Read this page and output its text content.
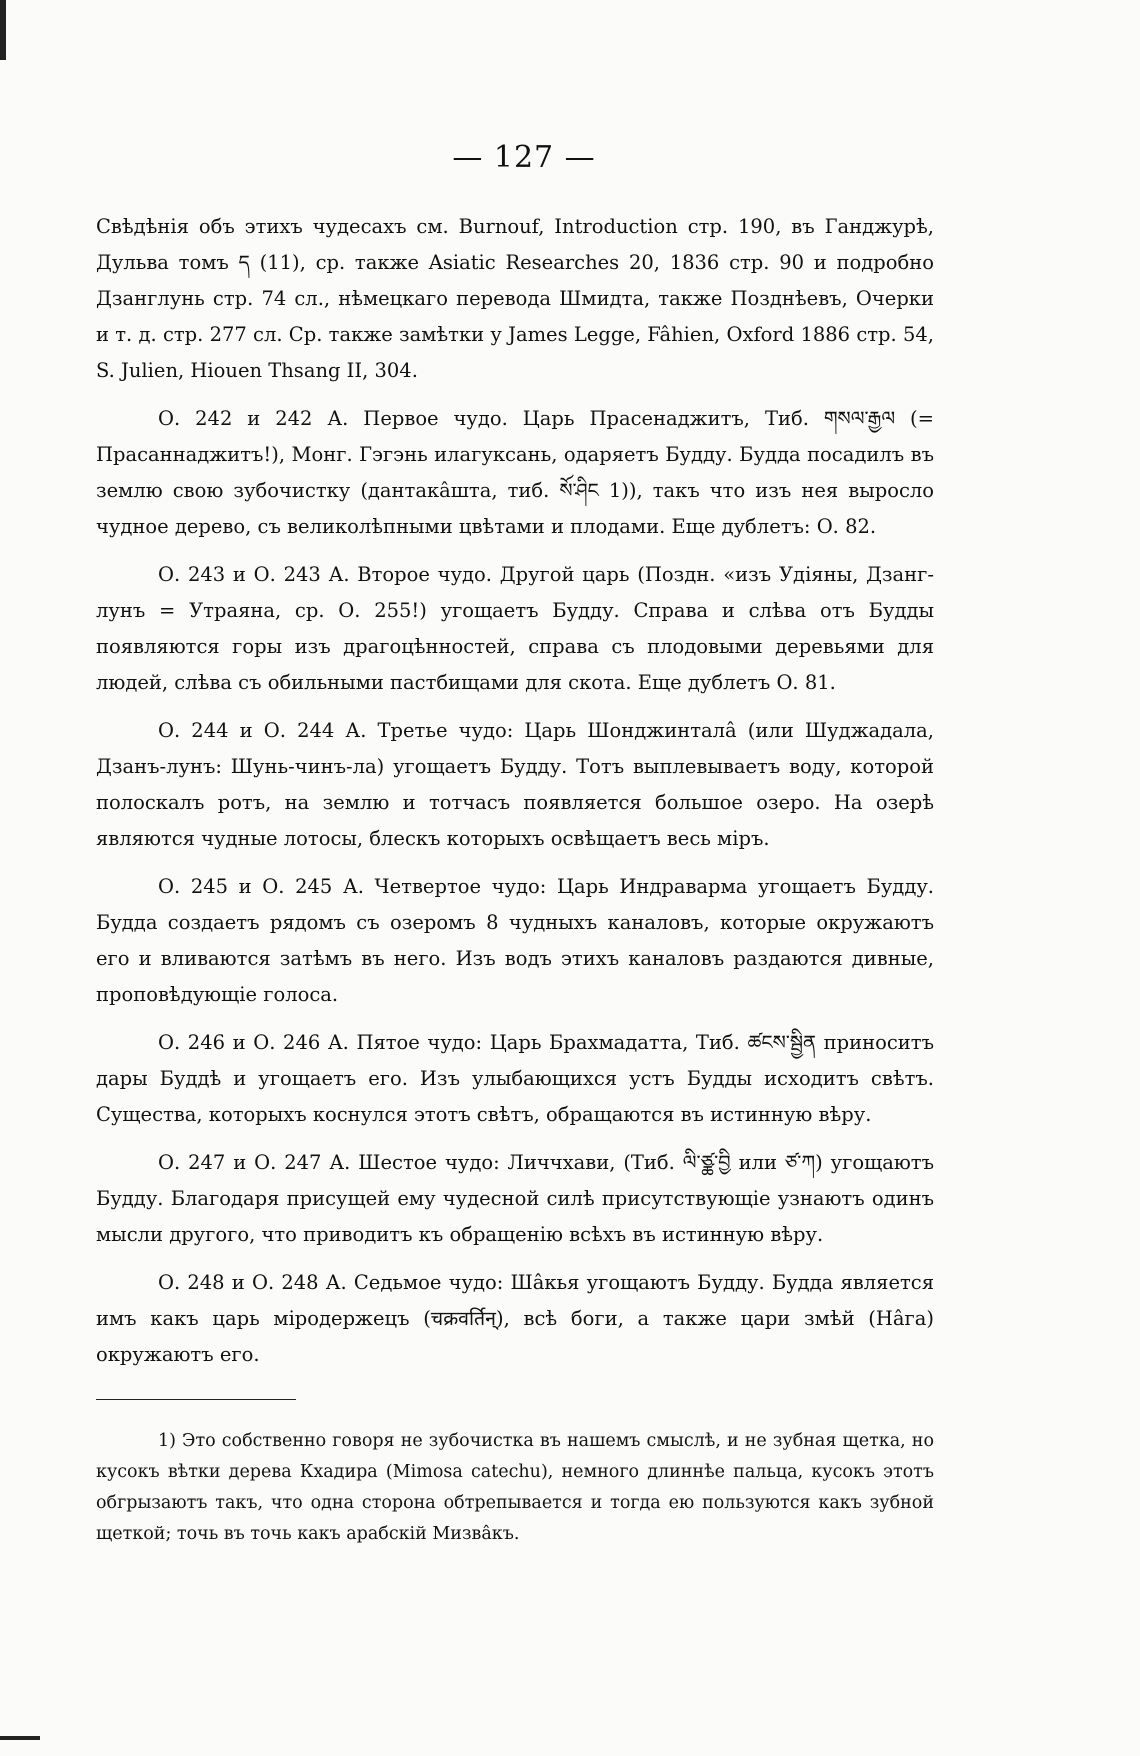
— 127 —

Свѣдѣнія объ этихъ чудесахъ см. Burnouf, Introduction стр. 190, въ Ганджурѣ, Дульва томъ ད (11), ср. также Asiatic Researches 20, 1836 стр. 90 и подробно Дзанглунь стр. 74 сл., нѣмецкаго перевода Шмидта, также Позднѣевъ, Очерки и т. д. стр. 277 сл. Ср. также замѣтки у James Legge, Fâhien, Oxford 1886 стр. 54, S. Julien, Hiouen Thsang II, 304.

О. 242 и 242 А. Первое чудо. Царь Прасенаджитъ, Тиб. གསལ་རྒྱལ (= Прасаннаджитъ!), Монг. Гэгэнь илагуксань, одаряетъ Будду. Будда посадилъ въ землю свою зубочистку (дантакâшта, тиб. སོ་ཤིང 1)), такъ что изъ нея выросло чудное дерево, съ великолѣпными цвѣтами и плодами. Еще дублетъ: О. 82.

О. 243 и О. 243 А. Второе чудо. Другой царь (Поздн. «изъ Удіяны, Дзанг-лунъ = Утраяна, ср. О. 255!) угощаетъ Будду. Справа и слѣва отъ Будды появляются горы изъ драгоцѣнностей, справа съ плодовыми деревьями для людей, слѣва съ обильными пастбищами для скота. Еще дублетъ О. 81.

О. 244 и О. 244 А. Третье чудо: Царь Шонджинталâ (или Шуджадала, Дзанъ-лунъ: Шунь-чинъ-ла) угощаетъ Будду. Тотъ выплевываетъ воду, которой полоскалъ ротъ, на землю и тотчасъ появляется большое озеро. На озерѣ являются чудные лотосы, блескъ которыхъ освѣщаетъ весь міръ.

О. 245 и О. 245 А. Четвертое чудо: Царь Индраварма угощаетъ Будду. Будда создаетъ рядомъ съ озеромъ 8 чудныхъ каналовъ, которые окружаютъ его и вливаются затѣмъ въ него. Изъ водъ этихъ каналовъ раздаются дивные, проповѣдующіе голоса.

О. 246 и О. 246 А. Пятое чудо: Царь Брахмадатта, Тиб. ཚངས་སྦྱིན приноситъ дары Буддѣ и угощаетъ его. Изъ улыбающихся устъ Будды исходитъ свѣтъ. Существа, которыхъ коснулся этотъ свѣтъ, обращаются въ истинную вѣру.

О. 247 и О. 247 А. Шестое чудо: Личчхави, (Тиб. ལི་ཙྪ་བྱི или ཙ་ཀ) угощаютъ Будду. Благодаря присущей ему чудесной силѣ присутствующіе узнаютъ одинъ мысли другого, что приводитъ къ обращенію всѣхъ въ истинную вѣру.

О. 248 и О. 248 А. Седьмое чудо: Шâкья угощаютъ Будду. Будда является имъ какъ царь міродержецъ (चक्रवर्तिन्), всѣ боги, а также цари змѣй (Нâга) окружаютъ его.

1) Это собственно говоря не зубочистка въ нашемъ смыслѣ, и не зубная щетка, но кусокъ вѣтки дерева Кхадира (Mimosa catechu), немного длиннѣе пальца, кусокъ этотъ обгрызаютъ такъ, что одна сторона обтрепывается и тогда ею пользуются какъ зубной щеткой; точь въ точь какъ арабскій Мизвâкъ.
